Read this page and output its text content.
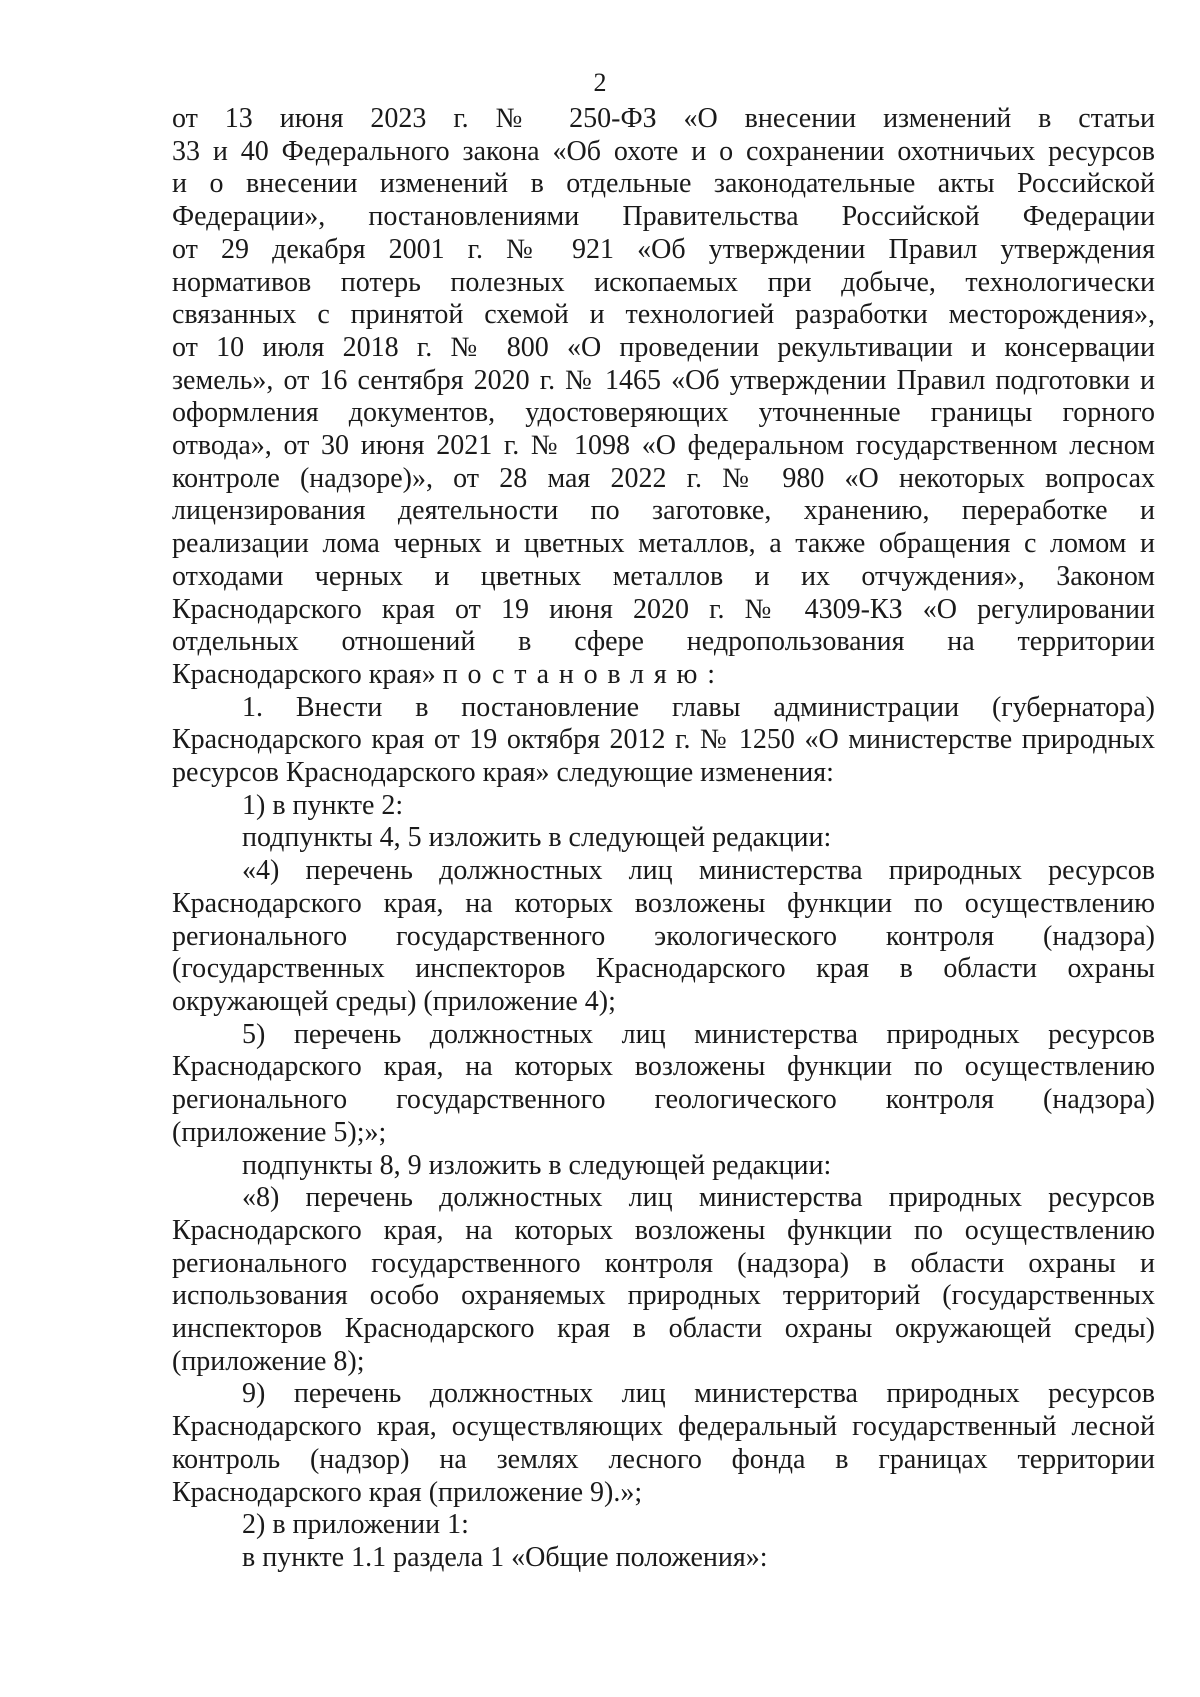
2

от 13 июня 2023 г. № 250-ФЗ «О внесении изменений в статьи

33 и 40 Федерального закона «Об охоте и о сохранении охотничьих ресурсов

и о внесении изменений в отдельные законодательные акты Российской

Федерации», постановлениями Правительства Российской Федерации

от 29 декабря 2001 г. № 921 «Об утверждении Правил утверждения

нормативов потерь полезных ископаемых при добыче, технологически

связанных с принятой схемой и технологией разработки месторождения»,

от 10 июля 2018 г. № 800 «О проведении рекультивации и консервации

земель», от 16 сентября 2020 г. № 1465 «Об утверждении Правил подготовки и

оформления документов, удостоверяющих уточненные границы горного

отвода», от 30 июня 2021 г. № 1098 «О федеральном государственном лесном

контроле (надзоре)», от 28 мая 2022 г. № 980 «О некоторых вопросах

лицензирования деятельности по заготовке, хранению, переработке и

реализации лома черных и цветных металлов, а также обращения с ломом и

отходами черных и цветных металлов и их отчуждения», Законом

Краснодарского края от 19 июня 2020 г. № 4309-КЗ «О регулировании

отдельных отношений в сфере недропользования на территории

Краснодарского края» постановляю:

1. Внести в постановление главы администрации (губернатора)

Краснодарского края от 19 октября 2012 г. № 1250 «О министерстве природных

ресурсов Краснодарского края» следующие изменения:

1) в пункте 2:

подпункты 4, 5 изложить в следующей редакции:

«4) перечень должностных лиц министерства природных ресурсов

Краснодарского края, на которых возложены функции по осуществлению

регионального государственного экологического контроля (надзора)

(государственных инспекторов Краснодарского края в области охраны

окружающей среды) (приложение 4);

5) перечень должностных лиц министерства природных ресурсов

Краснодарского края, на которых возложены функции по осуществлению

регионального государственного геологического контроля (надзора)

(приложение 5);»;

подпункты 8, 9 изложить в следующей редакции:

«8) перечень должностных лиц министерства природных ресурсов

Краснодарского края, на которых возложены функции по осуществлению

регионального государственного контроля (надзора) в области охраны и

использования особо охраняемых природных территорий (государственных

инспекторов Краснодарского края в области охраны окружающей среды)

(приложение 8);

9) перечень должностных лиц министерства природных ресурсов

Краснодарского края, осуществляющих федеральный государственный лесной

контроль (надзор) на землях лесного фонда в границах территории

Краснодарского края (приложение 9).»;

2) в приложении 1:

в пункте 1.1 раздела 1 «Общие положения»:
